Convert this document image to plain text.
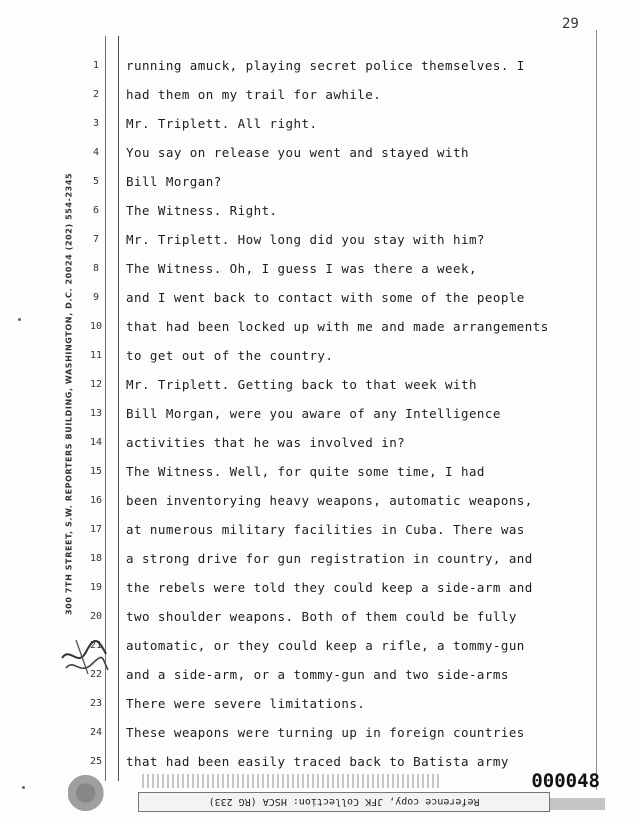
29
300 7TH STREET, S.W. REPORTERS BUILDING, WASHINGTON, D.C. 20024 (202) 554-2345
1	running amuck, playing secret police themselves. I
2	had them on my trail for awhile.
3	Mr. Triplett. All right.
4	You say on release you went and stayed with
5	Bill Morgan?
6	The Witness. Right.
7	Mr. Triplett. How long did you stay with him?
8	The Witness. Oh, I guess I was there a week,
9	and I went back to contact with some of the people
10 that had been locked up with me and made arrangements
11 to get out of the country.
12 Mr. Triplett. Getting back to that week with
13 Bill Morgan, were you aware of any Intelligence
14 activities that he was involved in?
15 The Witness. Well, for quite some time, I had
16 been inventorying heavy weapons, automatic weapons,
17 at numerous military facilities in Cuba. There was
18 a strong drive for gun registration in country, and
19 the rebels were told they could keep a side-arm and
20 two shoulder weapons. Both of them could be fully
21 automatic, or they could keep a rifle, a tommy-gun
22 and a side-arm, or a tommy-gun and two side-arms
23 There were severe limitations.
24 These weapons were turning up in foreign countries
25 that had been easily traced back to Batista army
000048
Reference copy, JFK Collection: HSCA (RG 233)
